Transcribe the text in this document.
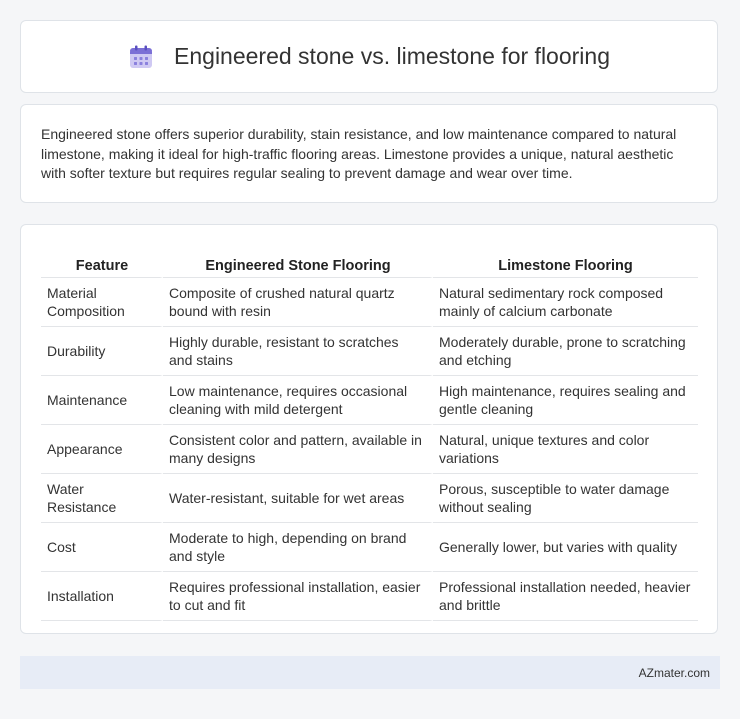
Engineered stone vs. limestone for flooring

Engineered stone offers superior durability, stain resistance, and low maintenance compared to natural limestone, making it ideal for high-traffic flooring areas. Limestone provides a unique, natural aesthetic with softer texture but requires regular sealing to prevent damage and wear over time.

Feature	Engineered Stone Flooring	Limestone Flooring
Material Composition	Composite of crushed natural quartz bound with resin	Natural sedimentary rock composed mainly of calcium carbonate
Durability	Highly durable, resistant to scratches and stains	Moderately durable, prone to scratching and etching
Maintenance	Low maintenance, requires occasional cleaning with mild detergent	High maintenance, requires sealing and gentle cleaning
Appearance	Consistent color and pattern, available in many designs	Natural, unique textures and color variations
Water Resistance	Water-resistant, suitable for wet areas	Porous, susceptible to water damage without sealing
Cost	Moderate to high, depending on brand and style	Generally lower, but varies with quality
Installation	Requires professional installation, easier to cut and fit	Professional installation needed, heavier and brittle
AZmater.com
